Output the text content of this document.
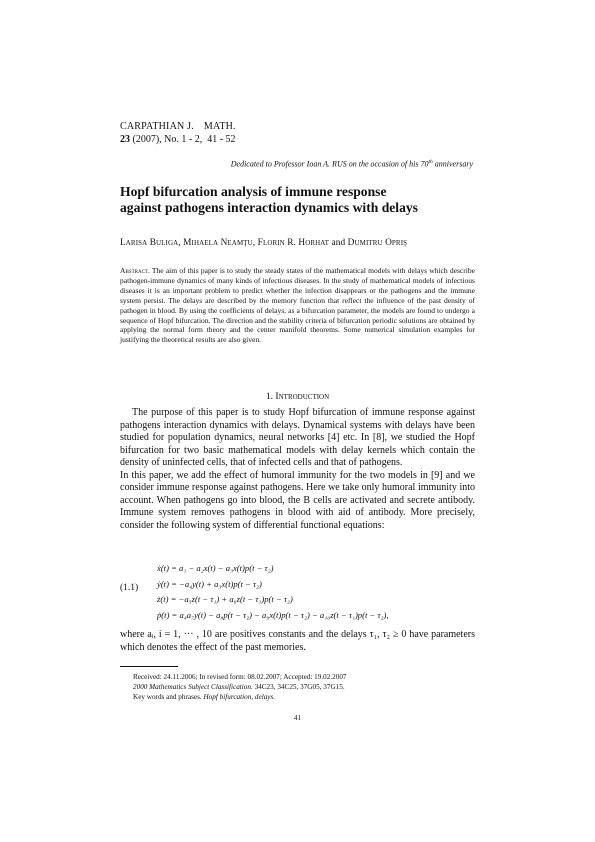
CARPATHIAN J. MATH.
23 (2007), No. 1 - 2, 41 - 52
Dedicated to Professor Ioan A. RUS on the occasion of his 70th anniversary
Hopf bifurcation analysis of immune response
against pathogens interaction dynamics with delays
Larisa Buliga, Mihaela Neamţu, Florin R. Horhat and Dumitru Opriş
Abstract. The aim of this paper is to study the steady states of the mathematical models with delays which describe pathogen-immune dynamics of many kinds of infectious diseases. In the study of mathematical models of infectious diseases it is an important problem to predict whether the infection disappears or the pathogens and the immune system persist. The delays are described by the memory function that reflect the influence of the past density of pathogen in blood. By using the coefficients of delays, as a bifurcation parameter, the models are found to undergo a sequence of Hopf bifurcation. The direction and the stability criteria of bifurcation periodic solutions are obtained by applying the normal form theory and the center manifold theorems. Some numerical simulation examples for justifying the theoretical results are also given.
1. Introduction

The purpose of this paper is to study Hopf bifurcation of immune response against pathogens interaction dynamics with delays. Dynamical systems with delays have been studied for population dynamics, neural networks [4] etc. In [8], we studied the Hopf bifurcation for two basic mathematical models with delay kernels which contain the density of uninfected cells, that of infected cells and that of pathogens.

In this paper, we add the effect of humoral immunity for the two models in [9] and we consider immune response against pathogens. Here we take only humoral immunity into account. When pathogens go into blood, the B cells are activated and secrete antibody. Immune system removes pathogens in blood with aid of antibody. More precisely, consider the following system of differential functional equations:

(1.1)
ẋ(t) = a₁ − a₂x(t) − a₃x(t)p(t − τ₂)
ẏ(t) = −a₄y(t) + a₃x(t)p(t − τ₂)
ż(t) = −a₅z(t − τ₁) + a₆z(t − τ₁)p(t − τ₂)
ṗ(t) = a₄a₇y(t) − a₈p(t − τ₂) − a₉x(t)p(t − τ₂) − a₁₀z(t − τ₁)p(t − τ₂),
where aᵢ, i = 1, ··· , 10 are positives constants and the delays τ₁, τ₂ ≥ 0 have parameters which denotes the effect of the past memories.
Received: 24.11.2006; In revised form: 08.02.2007; Accepted: 19.02.2007
2000 Mathematics Subject Classification. 34C23, 34C25, 37G05, 37G15.
Key words and phrases. Hopf bifurcation, delays.
41
